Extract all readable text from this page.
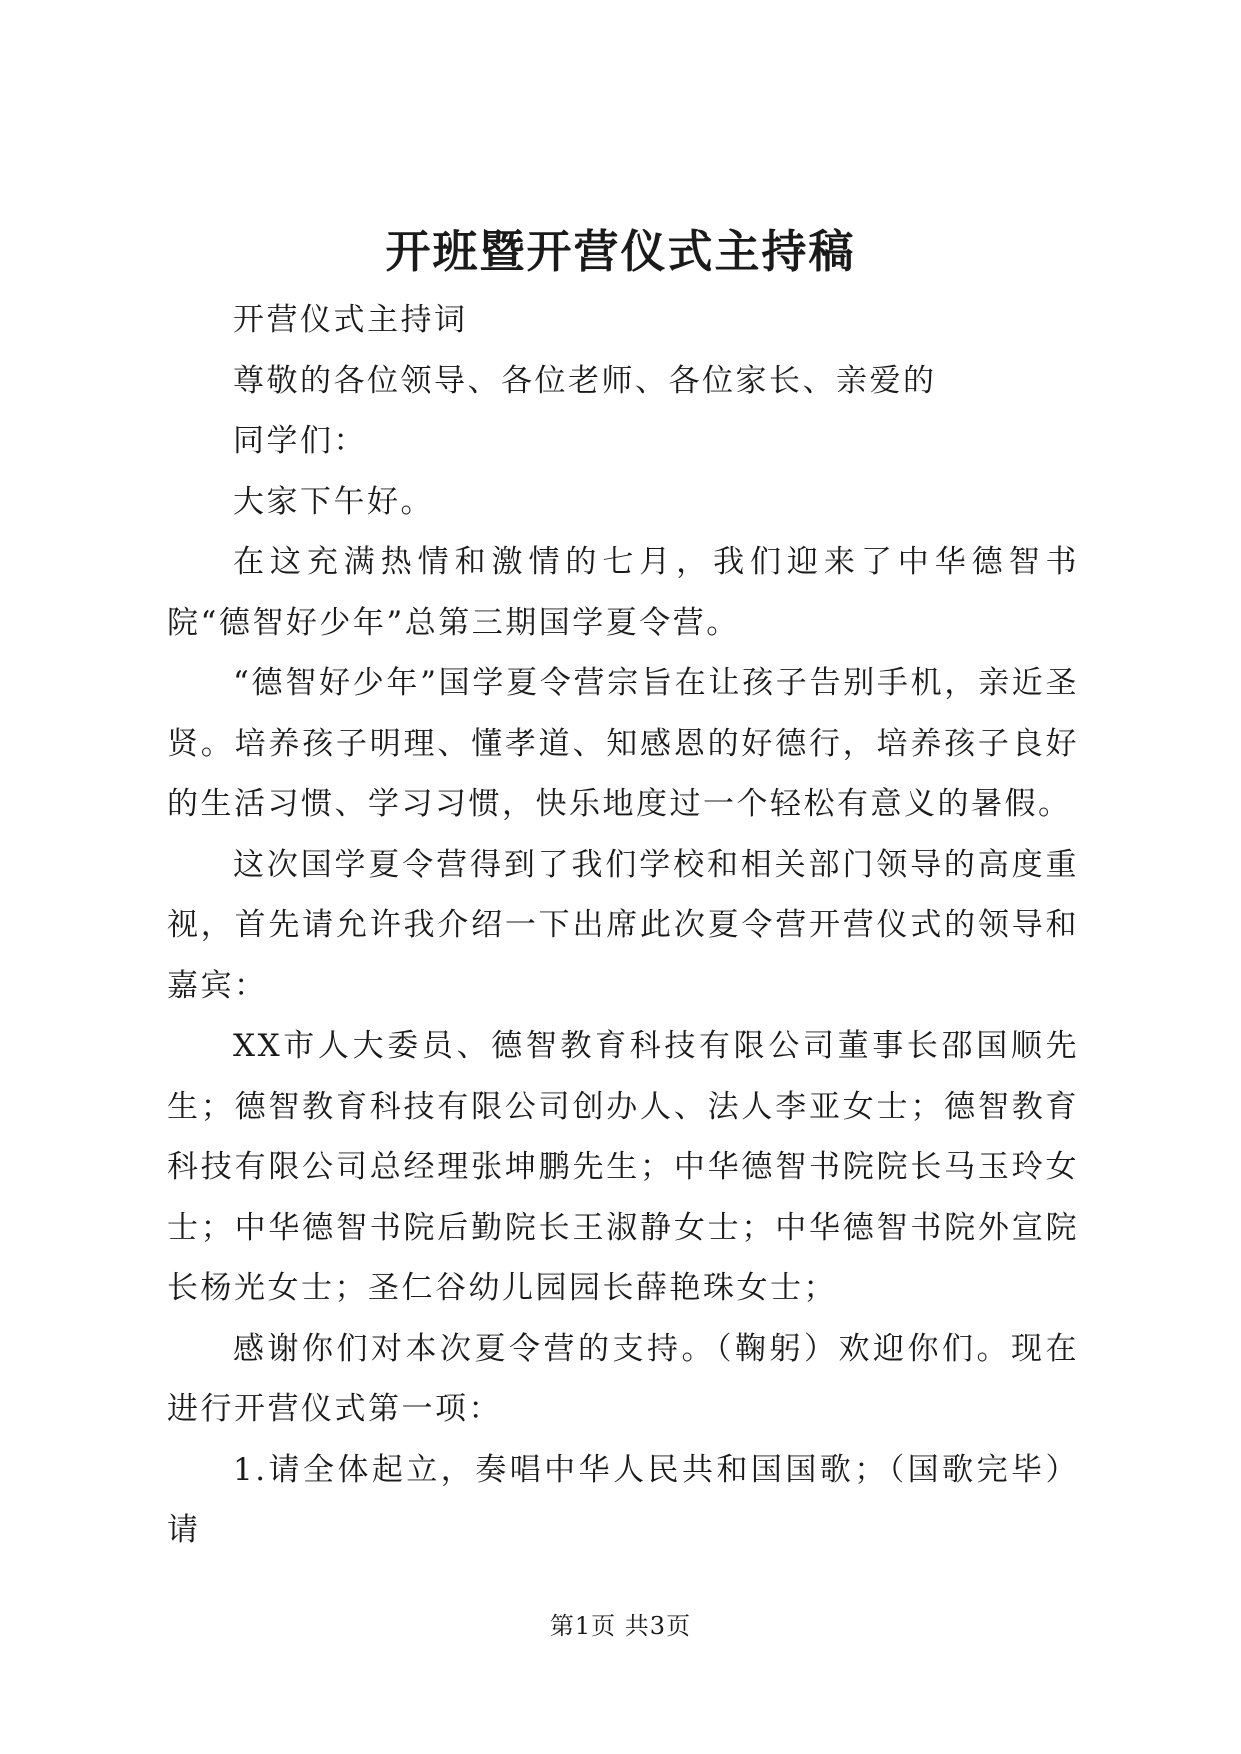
开班暨开营仪式主持稿

开营仪式主持词

尊敬的各位领导、各位老师、各位家长、亲爱的

同学们：

大家下午好。

在这充满热情和激情的七月，我们迎来了中华德智书院“德智好少年”总第三期国学夏令营。

“德智好少年”国学夏令营宗旨在让孩子告别手机，亲近圣贤。培养孩子明理、懂孝道、知感恩的好德行，培养孩子良好的生活习惯、学习习惯，快乐地度过一个轻松有意义的暑假。

这次国学夏令营得到了我们学校和相关部门领导的高度重视，首先请允许我介绍一下出席此次夏令营开营仪式的领导和嘉宾：

XX市人大委员、德智教育科技有限公司董事长邵国顺先生；德智教育科技有限公司创办人、法人李亚女士；德智教育科技有限公司总经理张坤鹏先生；中华德智书院院长马玉玲女士；中华德智书院后勤院长王淑静女士；中华德智书院外宣院长杨光女士；圣仁谷幼儿园园长薛艳珠女士；

感谢你们对本次夏令营的支持。（鞠躬）欢迎你们。现在进行开营仪式第一项：

1.请全体起立，奏唱中华人民共和国国歌；（国歌完毕）请

第1页 共3页
